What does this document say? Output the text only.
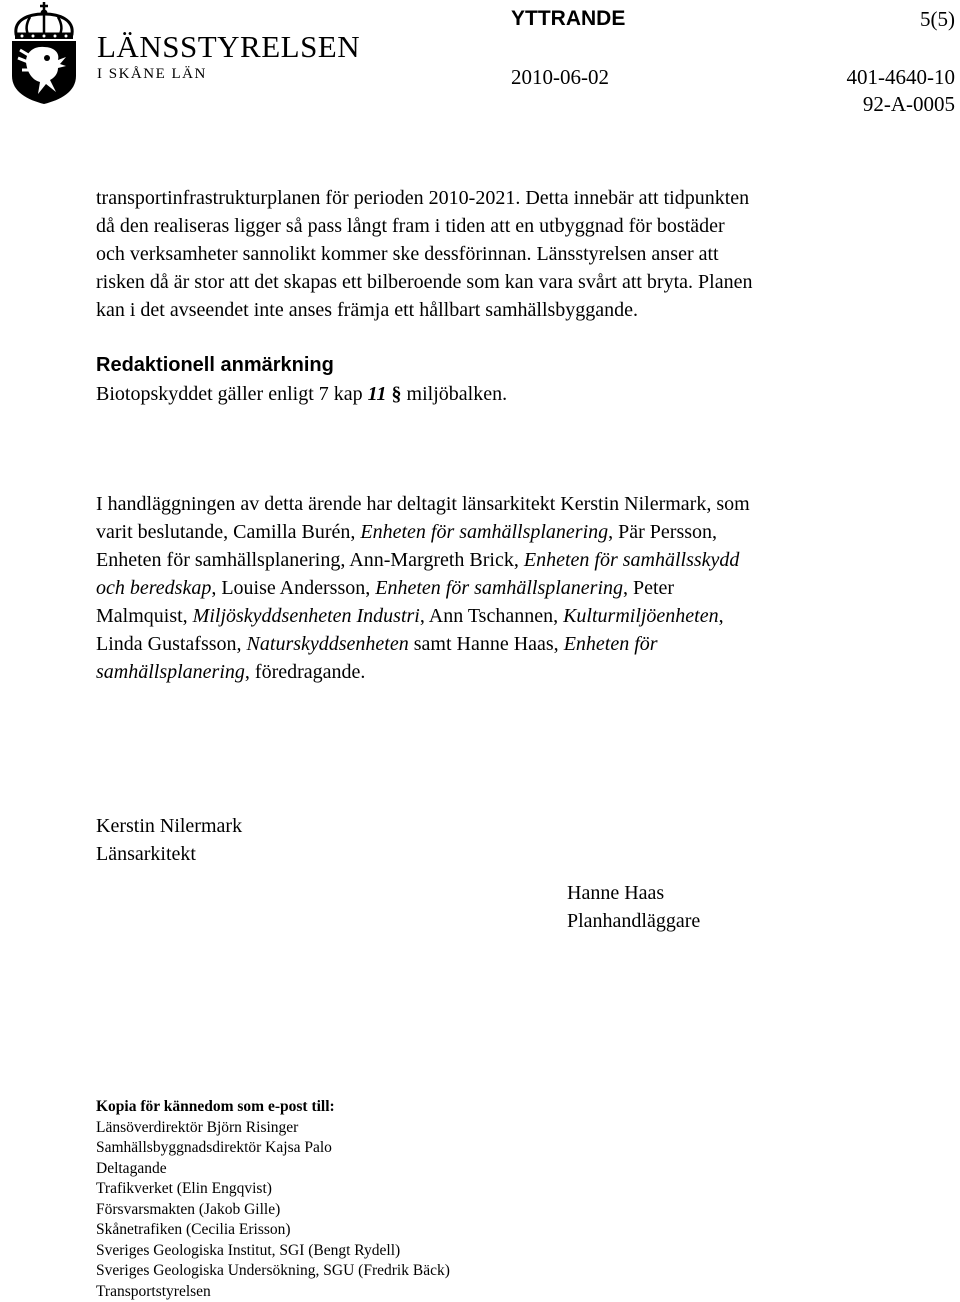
LÄNSSTYRELSEN
I SKÅNE LÄN
YTTRANDE	5(5)
2010-06-02	401-4640-10
92-A-0005
transportinfrastrukturplanen för perioden 2010-2021. Detta innebär att tidpunkten
då den realiseras ligger så pass långt fram i tiden att en utbyggnad för bostäder
och verksamheter sannolikt kommer ske dessförinnan. Länsstyrelsen anser att
risken då är stor att det skapas ett bilberoende som kan vara svårt att bryta. Planen
kan i det avseendet inte anses främja ett hållbart samhällsbyggande.
Redaktionell anmärkning
Biotopskyddet gäller enligt 7 kap 11 § miljöbalken.
I handläggningen av detta ärende har deltagit länsarkitekt Kerstin Nilermark, som
varit beslutande, Camilla Burén, Enheten för samhällsplanering, Pär Persson,
Enheten för samhällsplanering, Ann-Margreth Brick, Enheten för samhällsskydd
och beredskap, Louise Andersson, Enheten för samhällsplanering, Peter
Malmquist, Miljöskyddsenheten Industri, Ann Tschannen, Kulturmiljöenheten,
Linda Gustafsson, Naturskyddsenheten samt Hanne Haas, Enheten för
samhällsplanering, föredragande.
Kerstin Nilermark
Länsarkitekt
Hanne Haas
Planhandläggare
Kopia för kännedom som e-post till:
Länsöverdirektör Björn Risinger
Samhällsbyggnadsdirektör Kajsa Palo
Deltagande
Trafikverket (Elin Engqvist)
Försvarsmakten (Jakob Gille)
Skånetrafiken (Cecilia Erisson)
Sveriges Geologiska Institut, SGI (Bengt Rydell)
Sveriges Geologiska Undersökning, SGU (Fredrik Bäck)
Transportstyrelsen
